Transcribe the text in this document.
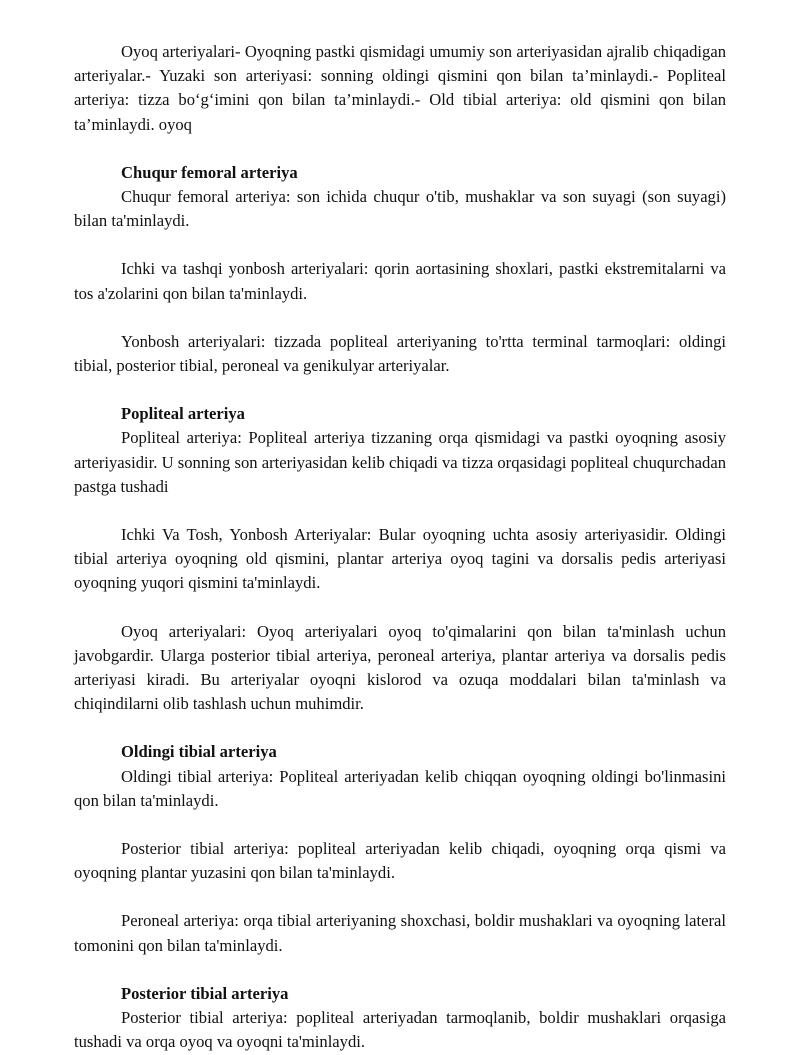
Oyoq arteriyalari- Oyoqning pastki qismidagi umumiy son arteriyasidan ajralib chiqadigan arteriyalar.- Yuzaki son arteriyasi: sonning oldingi qismini qon bilan ta’minlaydi.- Popliteal arteriya: tizza bo‘g‘imini qon bilan ta’minlaydi.- Old tibial arteriya: old qismini qon bilan ta’minlaydi. oyoq

Chuqur femoral arteriya

Chuqur femoral arteriya: son ichida chuqur o'tib, mushaklar va son suyagi (son suyagi) bilan ta'minlaydi.

Ichki va tashqi yonbosh arteriyalari: qorin aortasining shoxlari, pastki ekstremitalarni va tos a'zolarini qon bilan ta'minlaydi.

Yonbosh arteriyalari: tizzada popliteal arteriyaning to'rtta terminal tarmoqlari: oldingi tibial, posterior tibial, peroneal va genikulyar arteriyalar.

Popliteal arteriya

Popliteal arteriya: Popliteal arteriya tizzaning orqa qismidagi va pastki oyoqning asosiy arteriyasidir. U sonning son arteriyasidan kelib chiqadi va tizza orqasidagi popliteal chuqurchadan pastga tushadi

Ichki Va Tosh, Yonbosh Arteriyalar: Bular oyoqning uchta asosiy arteriyasidir. Oldingi tibial arteriya oyoqning old qismini, plantar arteriya oyoq tagini va dorsalis pedis arteriyasi oyoqning yuqori qismini ta'minlaydi.

Oyoq arteriyalari: Oyoq arteriyalari oyoq to'qimalarini qon bilan ta'minlash uchun javobgardir. Ularga posterior tibial arteriya, peroneal arteriya, plantar arteriya va dorsalis pedis arteriyasi kiradi. Bu arteriyalar oyoqni kislorod va ozuqa moddalari bilan ta'minlash va chiqindilarni olib tashlash uchun muhimdir.

Oldingi tibial arteriya

Oldingi tibial arteriya: Popliteal arteriyadan kelib chiqqan oyoqning oldingi bo'linmasini qon bilan ta'minlaydi.

Posterior tibial arteriya: popliteal arteriyadan kelib chiqadi, oyoqning orqa qismi va oyoqning plantar yuzasini qon bilan ta'minlaydi.

Peroneal arteriya: orqa tibial arteriyaning shoxchasi, boldir mushaklari va oyoqning lateral tomonini qon bilan ta'minlaydi.

Posterior tibial arteriya

Posterior tibial arteriya: popliteal arteriyadan tarmoqlanib, boldir mushaklari orqasiga tushadi va orqa oyoq va oyoqni ta'minlaydi.
